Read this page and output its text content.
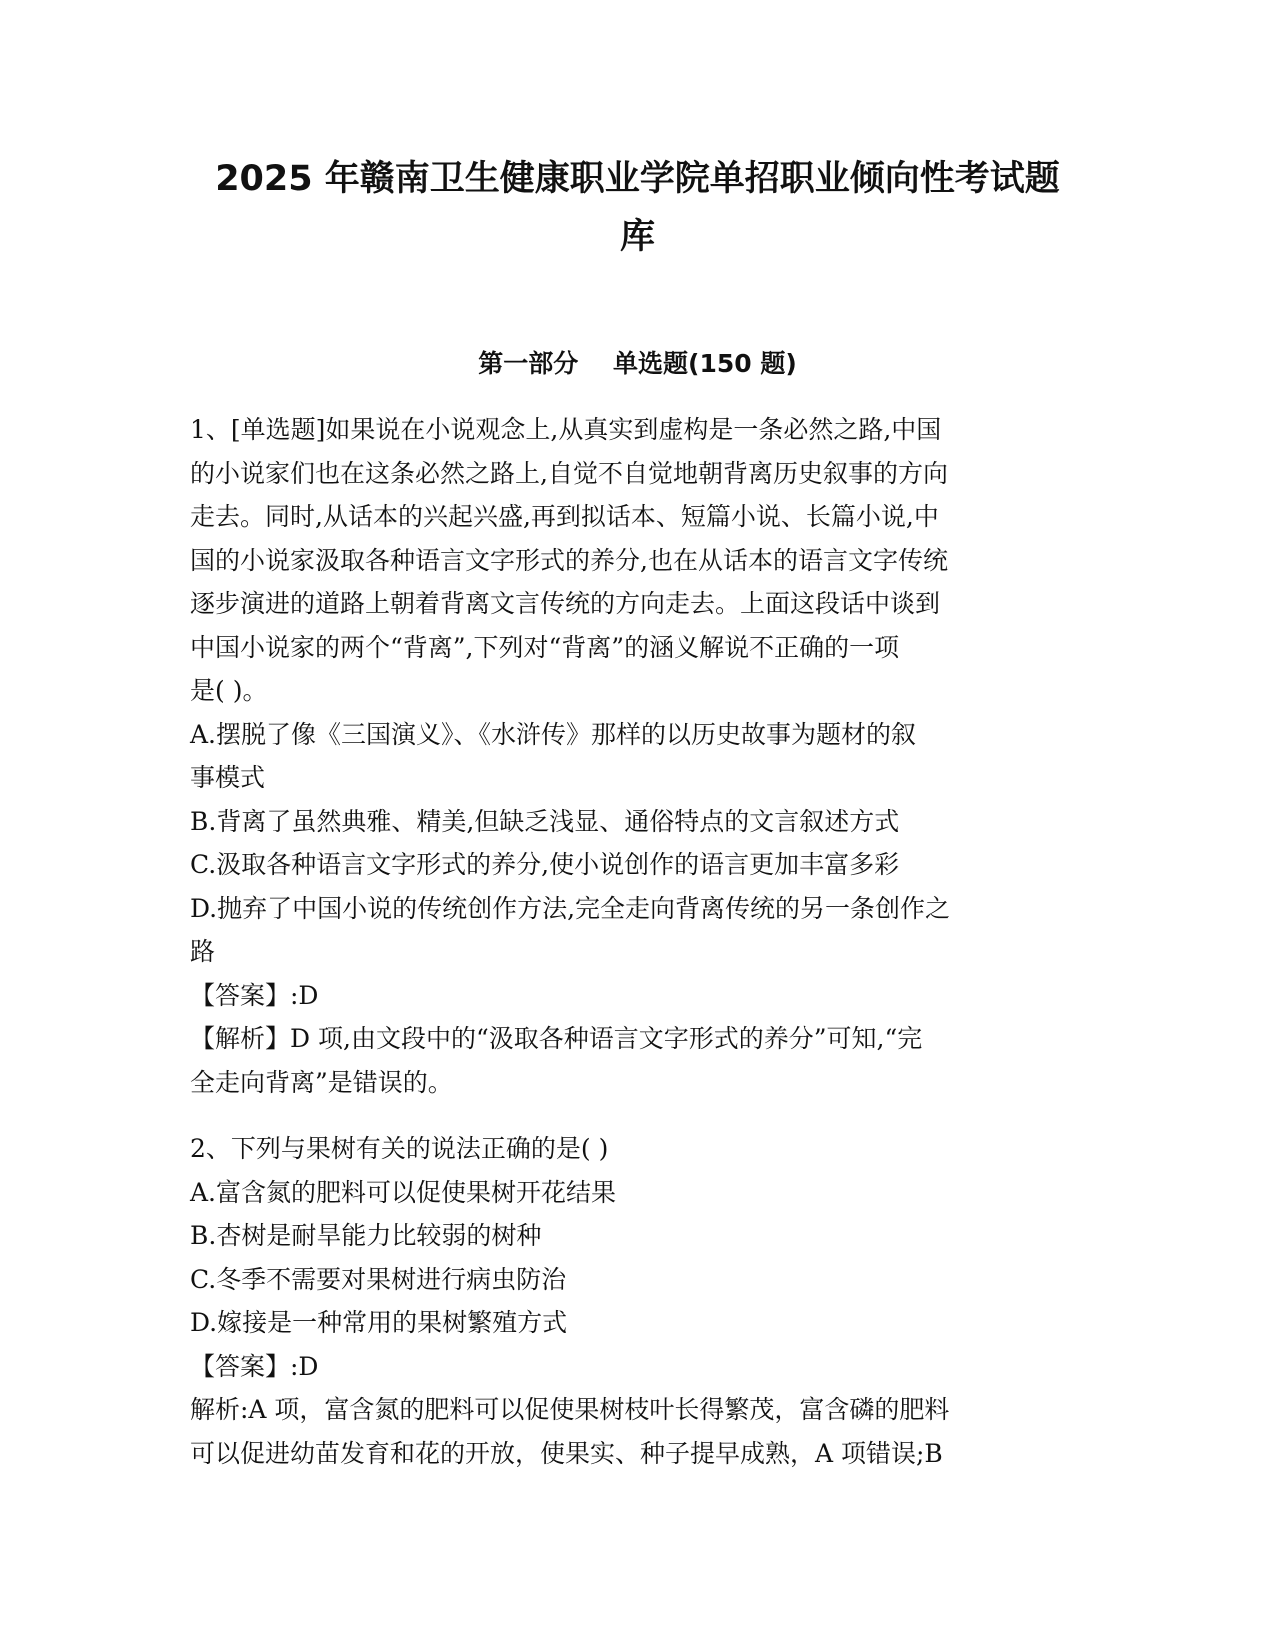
2025 年赣南卫生健康职业学院单招职业倾向性考试题
库
第一部分    单选题(150 题)

1、[单选题]如果说在小说观念上,从真实到虚构是一条必然之路,中国

的小说家们也在这条必然之路上,自觉不自觉地朝背离历史叙事的方向

走去。同时,从话本的兴起兴盛,再到拟话本、短篇小说、长篇小说,中

国的小说家汲取各种语言文字形式的养分,也在从话本的语言文字传统

逐步演进的道路上朝着背离文言传统的方向走去。上面这段话中谈到

中国小说家的两个“背离”,下列对“背离”的涵义解说不正确的一项

是( )。

A.摆脱了像《三国演义》、《水浒传》那样的以历史故事为题材的叙

事模式

B.背离了虽然典雅、精美,但缺乏浅显、通俗特点的文言叙述方式

C.汲取各种语言文字形式的养分,使小说创作的语言更加丰富多彩

D.抛弃了中国小说的传统创作方法,完全走向背离传统的另一条创作之

路

【答案】:D

【解析】D 项,由文段中的“汲取各种语言文字形式的养分”可知,“完

全走向背离”是错误的。

2、下列与果树有关的说法正确的是( )

A.富含氮的肥料可以促使果树开花结果

B.杏树是耐旱能力比较弱的树种

C.冬季不需要对果树进行病虫防治

D.嫁接是一种常用的果树繁殖方式

【答案】:D

解析:A 项，富含氮的肥料可以促使果树枝叶长得繁茂，富含磷的肥料

可以促进幼苗发育和花的开放，使果实、种子提早成熟，A 项错误;B
